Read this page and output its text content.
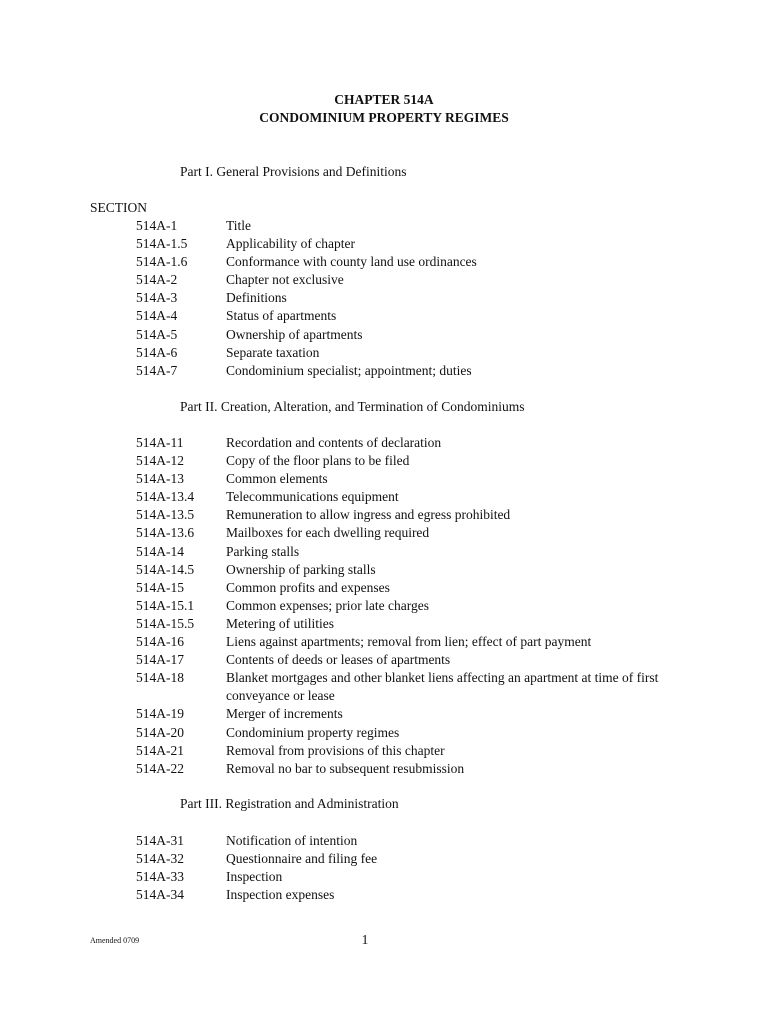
CHAPTER 514A
CONDOMINIUM PROPERTY REGIMES
Part I. General Provisions and Definitions
SECTION
514A-1	Title
514A-1.5	Applicability of chapter
514A-1.6	Conformance with county land use ordinances
514A-2	Chapter not exclusive
514A-3	Definitions
514A-4	Status of apartments
514A-5	Ownership of apartments
514A-6	Separate taxation
514A-7	Condominium specialist; appointment; duties
Part II. Creation, Alteration, and Termination of Condominiums
514A-11	Recordation and contents of declaration
514A-12	Copy of the floor plans to be filed
514A-13	Common elements
514A-13.4	Telecommunications equipment
514A-13.5	Remuneration to allow ingress and egress prohibited
514A-13.6	Mailboxes for each dwelling required
514A-14	Parking stalls
514A-14.5	Ownership of parking stalls
514A-15	Common profits and expenses
514A-15.1	Common expenses; prior late charges
514A-15.5	Metering of utilities
514A-16	Liens against apartments; removal from lien; effect of part payment
514A-17	Contents of deeds or leases of apartments
514A-18	Blanket mortgages and other blanket liens affecting an apartment at time of first conveyance or lease
514A-19	Merger of increments
514A-20	Condominium property regimes
514A-21	Removal from provisions of this chapter
514A-22	Removal no bar to subsequent resubmission
Part III. Registration and Administration
514A-31	Notification of intention
514A-32	Questionnaire and filing fee
514A-33	Inspection
514A-34	Inspection expenses
Amended 0709	1
